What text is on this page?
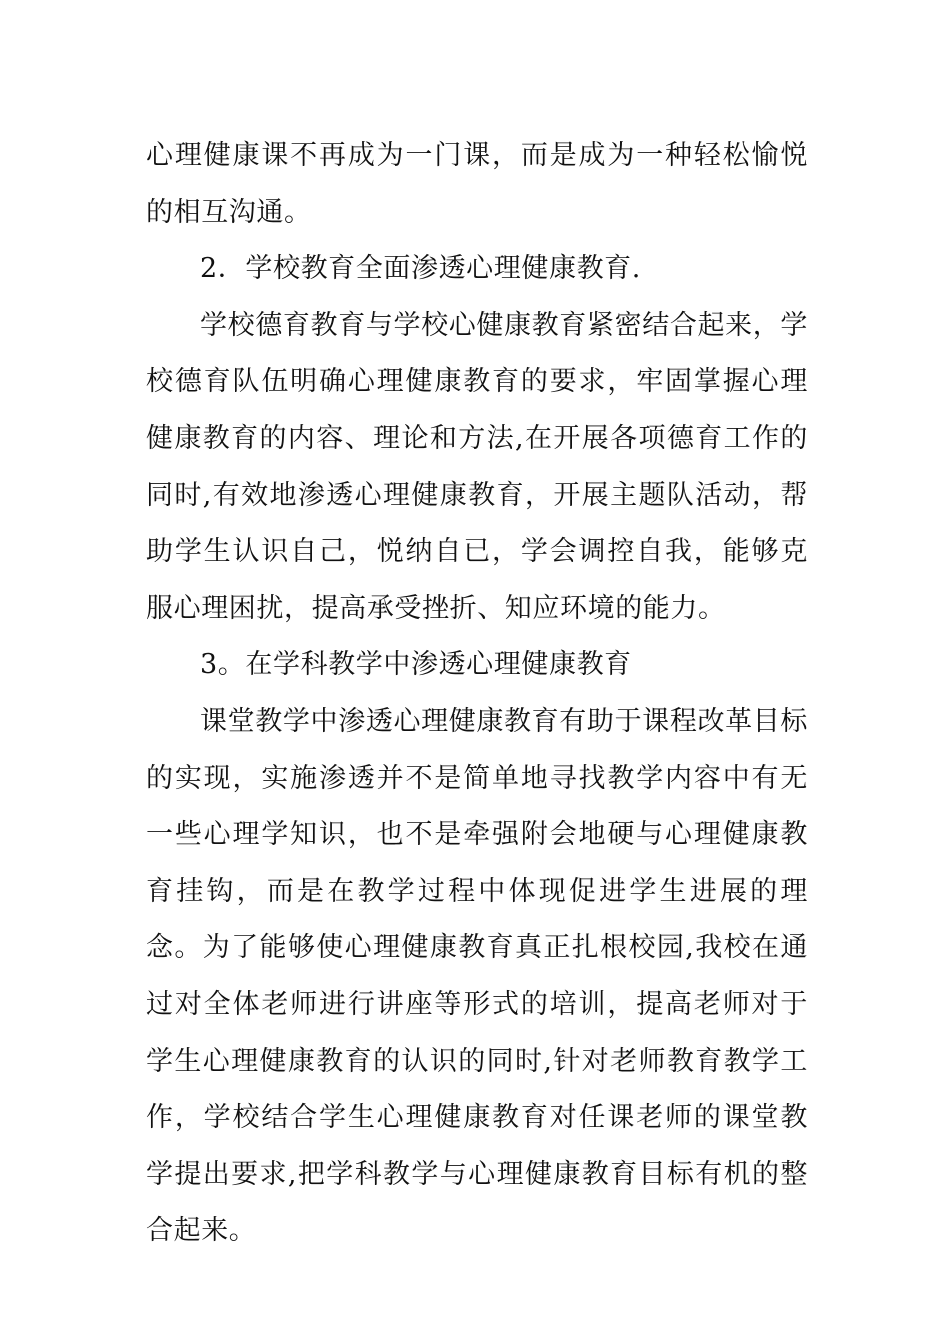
心理健康课不再成为一门课，而是成为一种轻松愉悦的相互沟通。

2．学校教育全面渗透心理健康教育.

学校德育教育与学校心健康教育紧密结合起来，学校德育队伍明确心理健康教育的要求，牢固掌握心理健康教育的内容、理论和方法,在开展各项德育工作的同时,有效地渗透心理健康教育，开展主题队活动，帮助学生认识自己，悦纳自已，学会调控自我，能够克服心理困扰，提高承受挫折、知应环境的能力。

3。在学科教学中渗透心理健康教育

课堂教学中渗透心理健康教育有助于课程改革目标的实现，实施渗透并不是简单地寻找教学内容中有无一些心理学知识，也不是牵强附会地硬与心理健康教育挂钩，而是在教学过程中体现促进学生进展的理念。为了能够使心理健康教育真正扎根校园,我校在通过对全体老师进行讲座等形式的培训，提高老师对于学生心理健康教育的认识的同时,针对老师教育教学工作，学校结合学生心理健康教育对任课老师的课堂教学提出要求,把学科教学与心理健康教育目标有机的整合起来。
